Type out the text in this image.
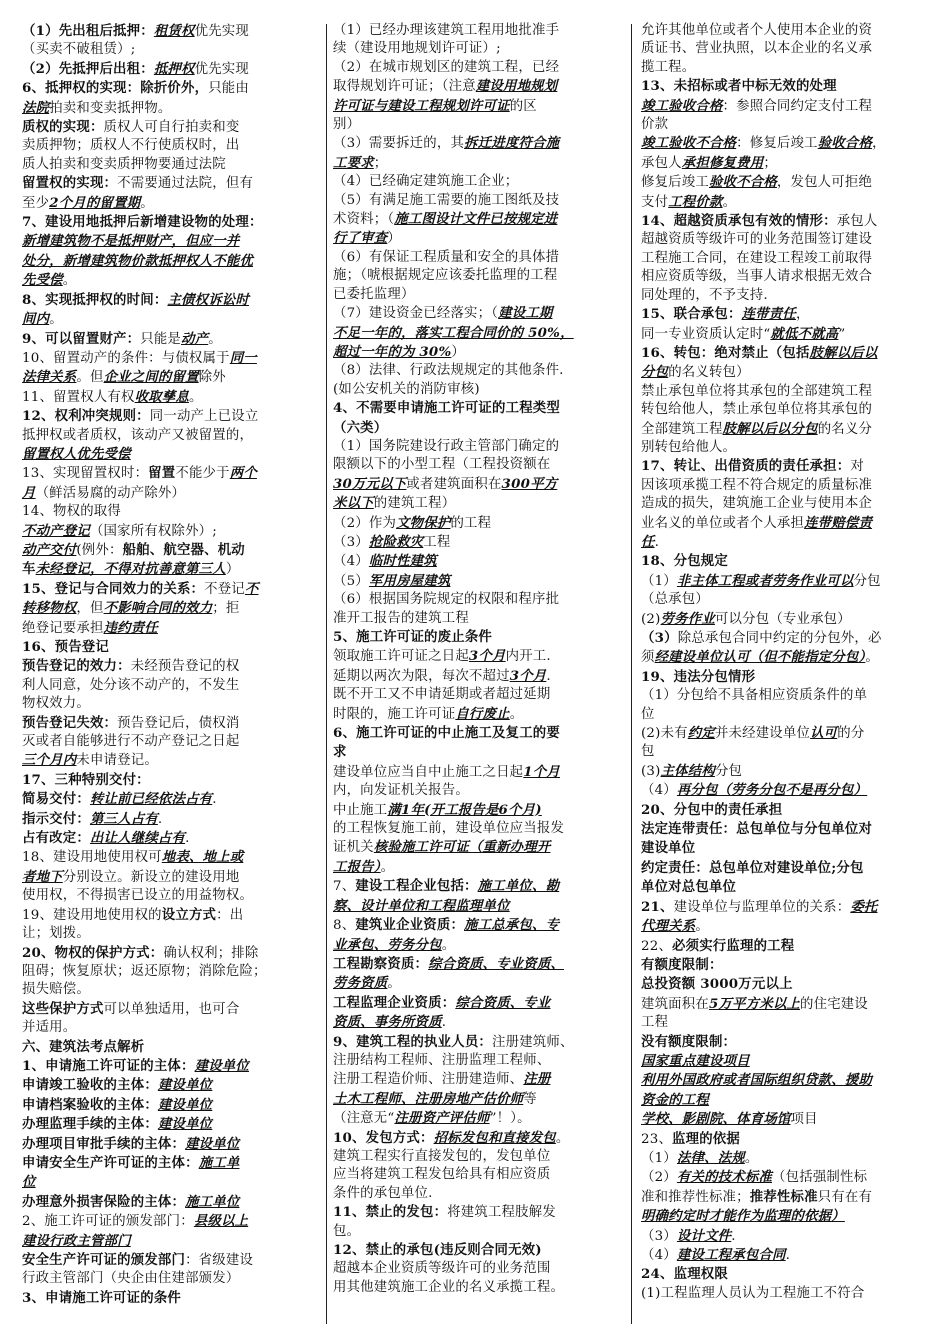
（1）先出租后抵押：租赁权优先实现
（买卖不破租赁）;
（2）先抵押后出租：抵押权优先实现
6、抵押权的实现：除折价外，只能由
法院拍卖和变卖抵押物。
质权的实现：质权人可自行拍卖和变
卖质押物；质权人不行使质权时，出
质人拍卖和变卖质押物要通过法院
留置权的实现：不需要通过法院，但有
至少2个月的留置期。
7、建设用地抵押后新增建设物的处理：
新增建筑物不是抵押财产，但应一并
处分，新增建筑物价款抵押权人不能优
先受偿。
8、实现抵押权的时间：主债权诉讼时
间内。
9、可以留置财产：只能是动产。
10、留置动产的条件：与债权属于同一
法律关系。但企业之间的留置除外
11、留置权人有权收取孳息。
12、权利冲突规则：同一动产上已设立
抵押权或者质权，该动产又被留置的，
留置权人优先受偿
13、实现留置权时：留置不能少于两个
月（鲜活易腐的动产除外）
14、物权的取得
不动产登记（国家所有权除外）;
动产交付(例外：船舶、航空器、机动
车未经登记，不得对抗善意第三人）
15、登记与合同效力的关系：不登记不
转移物权，但不影响合同的效力；拒
绝登记要承担违约责任
16、预告登记
预告登记的效力：未经预告登记的权
利人同意，处分该不动产的，不发生
物权效力。
预告登记失效：预告登记后，债权消
灭或者自能够进行不动产登记之日起
三个月内未申请登记。
17、三种特别交付：
简易交付：转让前已经依法占有.
指示交付：第三人占有.
占有改定：出让人继续占有.
18、建设用地使用权可地表、地上或
者地下分别设立。新设立的建设用地
使用权，不得损害已设立的用益物权。
19、建设用地使用权的设立方式：出
让；划拨。
20、物权的保护方式：确认权利；排除
阻碍；恢复原状；返还原物；消除危险；
损失赔偿。
这些保护方式可以单独适用，也可合
并适用。
六、建筑法考点解析
1、申请施工许可证的主体：建设单位
申请竣工验收的主体：建设单位
申请档案验收的主体：建设单位
办理监理手续的主体：建设单位
办理项目审批手续的主体：建设单位
申请安全生产许可证的主体：施工单
位
办理意外损害保险的主体：施工单位
2、施工许可证的颁发部门：县级以上
建设行政主管部门
安全生产许可证的颁发部门：省级建设
行政主管部门（央企由住建部颁发）
3、申请施工许可证的条件
（1）已经办理该建筑工程用地批准手
续（建设用地规划许可证）;
（2）在城市规划区的建筑工程，已经
取得规划许可证；（注意建设用地规划
许可证与建设工程规划许可证的区
别）
（3）需要拆迁的，其拆迁进度符合施
工要求；
（4）已经确定建筑施工企业；
（5）有满足施工需要的施工图纸及技
术资料；（施工图设计文件已按规定进
行了审查）
（6）有保证工程质量和安全的具体措
施；（唬根据规定应该委托监理的工程
已委托监理）
（7）建设资金已经落实；（建设工期
不足一年的，落实工程合同价的 50%，
超过一年的为 30%）
（8）法律、行政法规规定的其他条件.
(如公安机关的消防审核)
4、不需要申请施工许可证的工程类型
（六类）
（1）国务院建设行政主管部门确定的
限额以下的小型工程（工程投资额在
30万元以下或者建筑面积在300平方
米以下的建筑工程）
（2）作为文物保护的工程
（3）抢险救灾工程
（4）临时性建筑
（5）军用房屋建筑
（6）根据国务院规定的权限和程序批
准开工报告的建筑工程
5、施工许可证的废止条件
领取施工许可证之日起3个月内开工.
延期以两次为限，每次不超过3个月.
既不开工又不申请延期或者超过延期
时限的，施工许可证自行废止。
6、施工许可证的中止施工及复工的要
求
建设单位应当自中止施工之日起1个月
内，向发证机关报告。
中止施工满1年(开工报告是6个月)
的工程恢复施工前，建设单位应当报发
证机关核验施工许可证（重新办理开
工报告）。
7、建设工程企业包括：施工单位、勘
察、设计单位和工程监理单位
8、建筑业企业资质：施工总承包、专
业承包、劳务分包。
工程勘察资质：综合资质、专业资质、
劳务资质。
工程监理企业资质：综合资质、专业
资质、事务所资质.
9、建筑工程的执业人员：注册建筑师、
注册结构工程师、注册监理工程师、
注册工程造价师、注册建造师、注册
土木工程师、注册房地产估价师等
（注意无“注册资产评估师”！）。
10、发包方式：招标发包和直接发包。
建筑工程实行直接发包的，发包单位
应当将建筑工程发包给具有相应资质
条件的承包单位.
11、禁止的发包：将建筑工程肢解发
包。
12、禁止的承包(违反则合同无效)
超越本企业资质等级许可的业务范围
用其他建筑施工企业的名义承揽工程。
允许其他单位或者个人使用本企业的资
质证书、营业执照，以本企业的名义承
揽工程。
13、未招标或者中标无效的处理
竣工验收合格：参照合同约定支付工程
价款
竣工验收不合格：修复后竣工验收合格，
承包人承担修复费用；
修复后竣工验收不合格，发包人可拒绝
支付工程价款。
14、超越资质承包有效的情形：承包人
超越资质等级许可的业务范围签订建设
工程施工合同，在建设工程竣工前取得
相应资质等级，当事人请求根据无效合
同处理的，不予支持.
15、联合承包：连带责任，
同一专业资质认定时“就低不就高”
16、转包：绝对禁止（包括肢解以后以
分包的名义转包）
禁止承包单位将其承包的全部建筑工程
转包给他人，禁止承包单位将其承包的
全部建筑工程肢解以后以分包的名义分
别转包给他人。
17、转让、出借资质的责任承担：对
因该项承揽工程不符合规定的质量标准
造成的损失，建筑施工企业与使用本企
业名义的单位或者个人承担连带赔偿责
任.
18、分包规定
（1）非主体工程或者劳务作业可以分包
（总承包）
(2)劳务作业可以分包（专业承包）
（3）除总承包合同中约定的分包外，必
须经建设单位认可（但不能指定分包）。
19、违法分包情形
（1）分包给不具备相应资质条件的单
位
(2)未有约定并未经建设单位认可的分
包
(3)主体结构分包
（4）再分包（劳务分包不是再分包）
20、分包中的责任承担
法定连带责任：总包单位与分包单位对
建设单位
约定责任：总包单位对建设单位;分包
单位对总包单位
21、建设单位与监理单位的关系：委托
代理关系。
22、必须实行监理的工程
有额度限制：
总投资额 3000万元以上
建筑面积在5万平方米以上的住宅建设
工程
没有额度限制：
国家重点建设项目
利用外国政府或者国际组织贷款、援助
资金的工程
学校、影剧院、体育场馆项目
23、监理的依据
（1）法律、法规。
（2）有关的技术标准（包括强制性标
准和推荐性标准；推荐性标准只有在有
明确约定时才能作为监理的依据）
（3）设计文件.
（4）建设工程承包合同.
24、监理权限
(1)工程监理人员认为工程施工不符合
